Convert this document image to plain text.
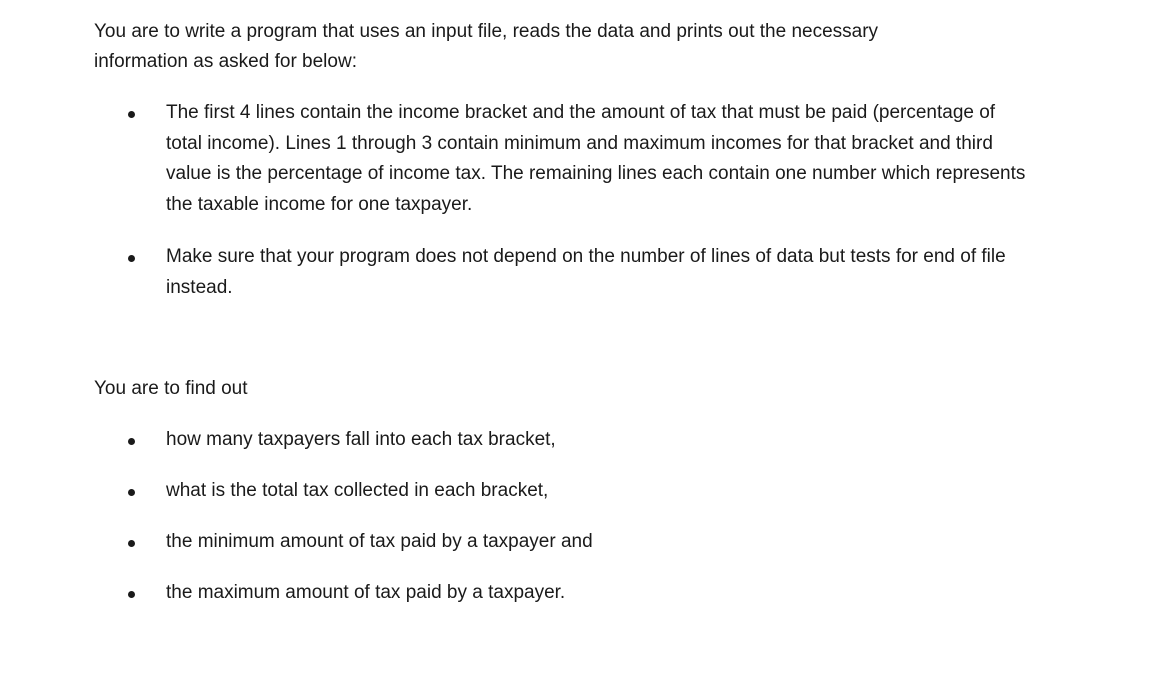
You are to write a program that uses an input file, reads the data and prints out the necessary
information as asked for below:

The first 4 lines contain the income bracket and the amount of tax that must be paid (percentage of total income). Lines 1 through 3 contain minimum and maximum incomes for that bracket and third value is the percentage of income tax. The remaining lines each contain one number which represents the taxable income for one taxpayer.

Make sure that your program does not depend on the number of lines of data but tests for end of file instead.

You are to find out

how many taxpayers fall into each tax bracket,

what is the total tax collected in each bracket,

the minimum amount of tax paid by a taxpayer and

the maximum amount of tax paid by a taxpayer.
